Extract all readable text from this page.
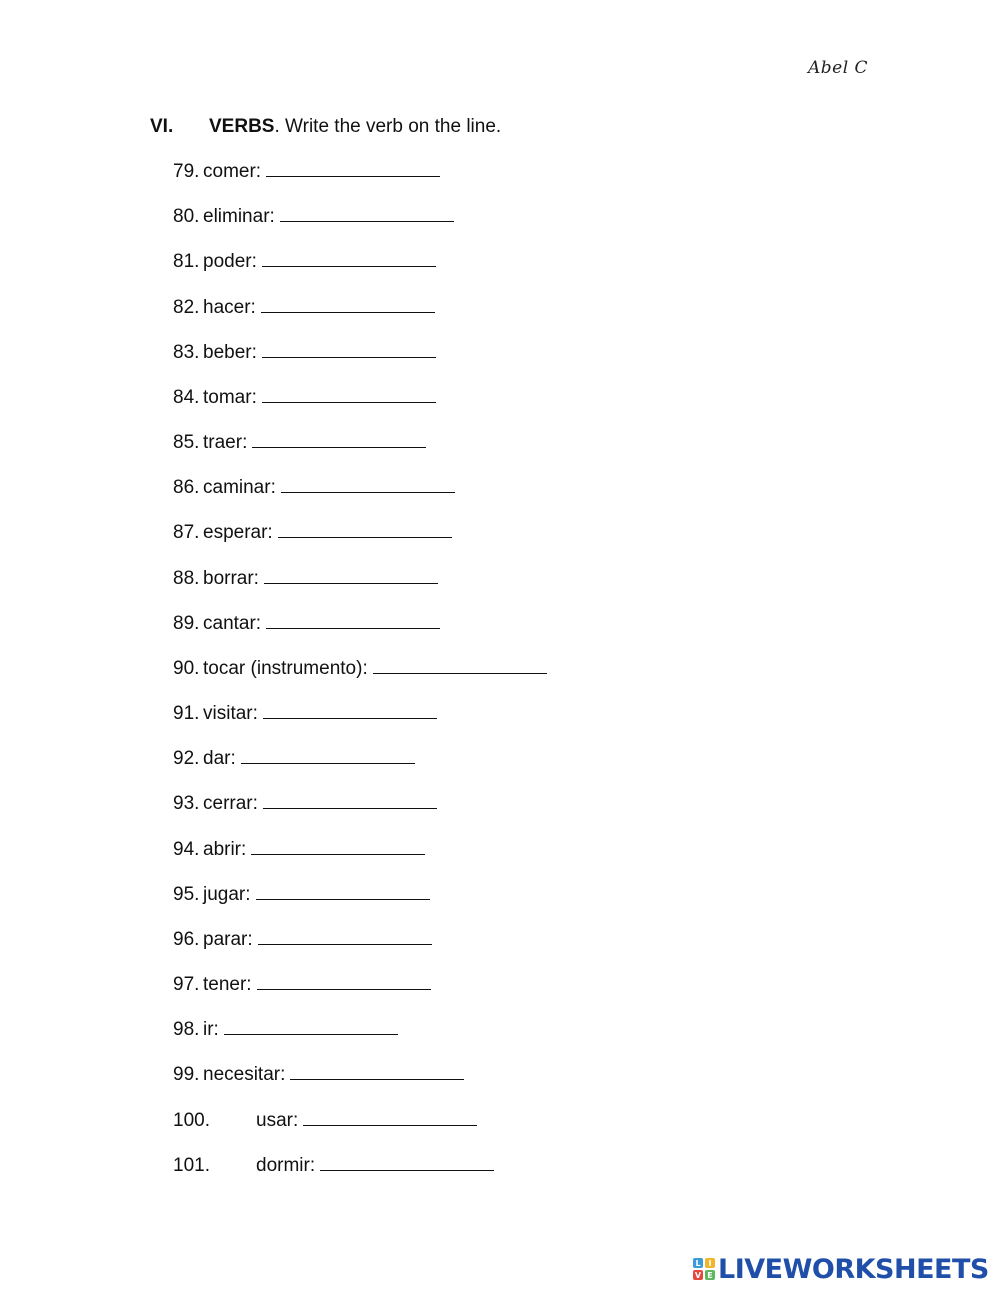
Abel C
VI. VERBS. Write the verb on the line.
79. comer:
80. eliminar:
81. poder:
82. hacer:
83. beber:
84. tomar:
85. traer:
86. caminar:
87. esperar:
88. borrar:
89. cantar:
90. tocar (instrumento):
91. visitar:
92. dar:
93. cerrar:
94. abrir:
95. jugar:
96. parar:
97. tener:
98. ir:
99. necesitar:
100. usar:
101. dormir:
L I
V E LIVEWORKSHEETS
